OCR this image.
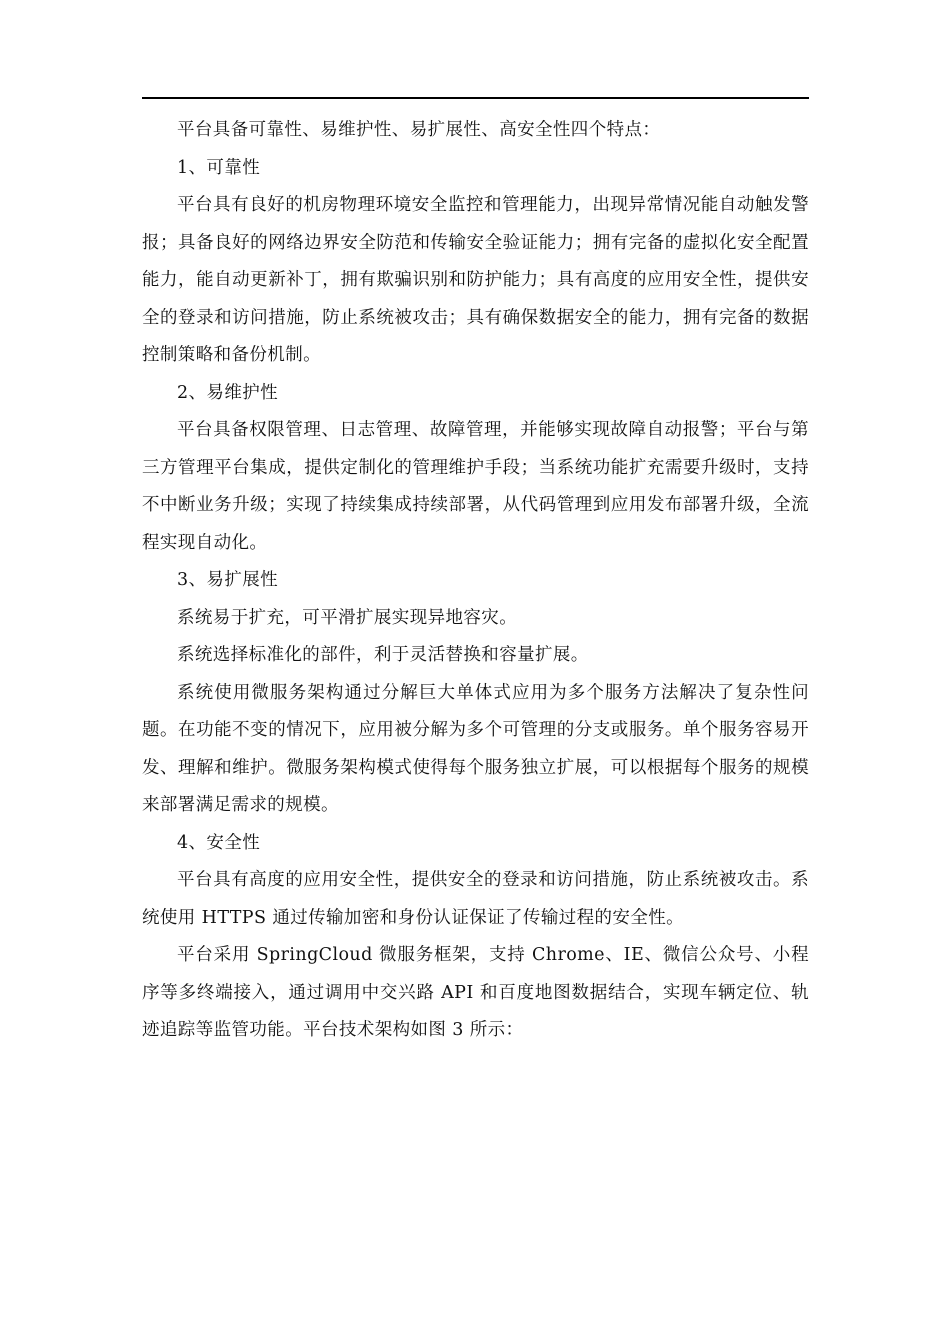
平台具备可靠性、易维护性、易扩展性、高安全性四个特点：

1、可靠性

平台具有良好的机房物理环境安全监控和管理能力，出现异常情况能自动触发警报；具备良好的网络边界安全防范和传输安全验证能力；拥有完备的虚拟化安全配置能力，能自动更新补丁，拥有欺骗识别和防护能力；具有高度的应用安全性，提供安全的登录和访问措施，防止系统被攻击；具有确保数据安全的能力，拥有完备的数据控制策略和备份机制。

2、易维护性

平台具备权限管理、日志管理、故障管理，并能够实现故障自动报警；平台与第三方管理平台集成，提供定制化的管理维护手段；当系统功能扩充需要升级时，支持不中断业务升级；实现了持续集成持续部署，从代码管理到应用发布部署升级，全流程实现自动化。

3、易扩展性

系统易于扩充，可平滑扩展实现异地容灾。

系统选择标准化的部件，利于灵活替换和容量扩展。

系统使用微服务架构通过分解巨大单体式应用为多个服务方法解决了复杂性问题。在功能不变的情况下，应用被分解为多个可管理的分支或服务。单个服务容易开发、理解和维护。微服务架构模式使得每个服务独立扩展，可以根据每个服务的规模来部署满足需求的规模。

4、安全性

平台具有高度的应用安全性，提供安全的登录和访问措施，防止系统被攻击。系统使用 HTTPS 通过传输加密和身份认证保证了传输过程的安全性。

平台采用 SpringCloud 微服务框架，支持 Chrome、IE、微信公众号、小程序等多终端接入，通过调用中交兴路 API 和百度地图数据结合，实现车辆定位、轨迹追踪等监管功能。平台技术架构如图 3 所示：
